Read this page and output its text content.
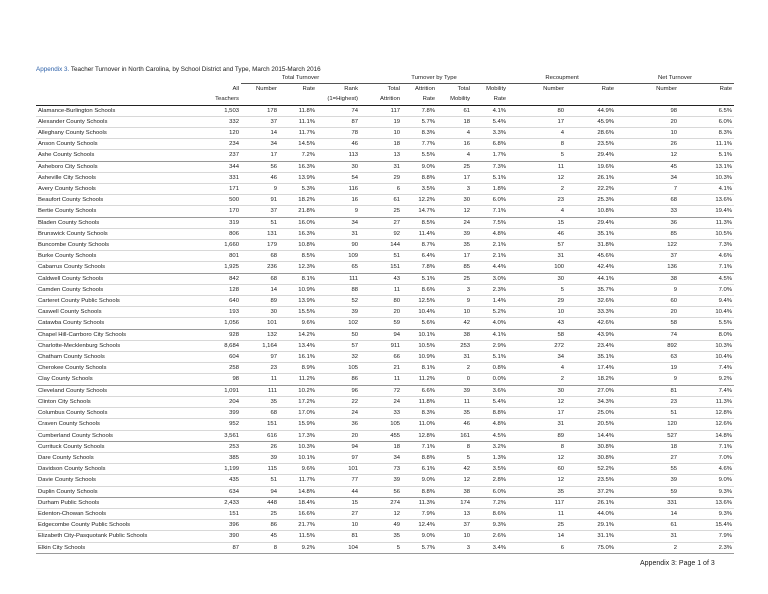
Appendix 3. Teacher Turnover in North Carolina, by School District and Type, March 2015-March 2016
		Total Turnover			Turnover by Type				Recoupment		Net Turnover	
	All	Number	Rate	Rank	Total	Attrition	Total	Mobility	Number	Rate	Number	Rate
	Teachers			(1=Highest)	Attrition	Rate	Mobility	Rate				
Alamance-Burlington Schools	1,503	178	11.8%	74	117	7.8%	61	4.1%	80	44.9%	98	6.5%
Alexander County Schools	332	37	11.1%	87	19	5.7%	18	5.4%	17	45.9%	20	6.0%
Alleghany County Schools	120	14	11.7%	78	10	8.3%	4	3.3%	4	28.6%	10	8.3%
Anson County Schools	234	34	14.5%	46	18	7.7%	16	6.8%	8	23.5%	26	11.1%
Ashe County Schools	237	17	7.2%	113	13	5.5%	4	1.7%	5	29.4%	12	5.1%
Asheboro City Schools	344	56	16.3%	30	31	9.0%	25	7.3%	11	19.6%	45	13.1%
Asheville City Schools	331	46	13.9%	54	29	8.8%	17	5.1%	12	26.1%	34	10.3%
Avery County Schools	171	9	5.3%	116	6	3.5%	3	1.8%	2	22.2%	7	4.1%
Beaufort County Schools	500	91	18.2%	16	61	12.2%	30	6.0%	23	25.3%	68	13.6%
Bertie County Schools	170	37	21.8%	9	25	14.7%	12	7.1%	4	10.8%	33	19.4%
Bladen County Schools	319	51	16.0%	34	27	8.5%	24	7.5%	15	29.4%	36	11.3%
Brunswick County Schools	806	131	16.3%	31	92	11.4%	39	4.8%	46	35.1%	85	10.5%
Buncombe County Schools	1,660	179	10.8%	90	144	8.7%	35	2.1%	57	31.8%	122	7.3%
Burke County Schools	801	68	8.5%	109	51	6.4%	17	2.1%	31	45.6%	37	4.6%
Cabarrus County Schools	1,925	236	12.3%	65	151	7.8%	85	4.4%	100	42.4%	136	7.1%
Caldwell County Schools	842	68	8.1%	111	43	5.1%	25	3.0%	30	44.1%	38	4.5%
Camden County Schools	128	14	10.9%	88	11	8.6%	3	2.3%	5	35.7%	9	7.0%
Carteret County Public Schools	640	89	13.9%	52	80	12.5%	9	1.4%	29	32.6%	60	9.4%
Caswell County Schools	193	30	15.5%	39	20	10.4%	10	5.2%	10	33.3%	20	10.4%
Catawba County Schools	1,056	101	9.6%	102	59	5.6%	42	4.0%	43	42.6%	58	5.5%
Chapel Hill-Carrboro City Schools	928	132	14.2%	50	94	10.1%	38	4.1%	58	43.9%	74	8.0%
Charlotte-Mecklenburg Schools	8,684	1,164	13.4%	57	911	10.5%	253	2.9%	272	23.4%	892	10.3%
Chatham County Schools	604	97	16.1%	32	66	10.9%	31	5.1%	34	35.1%	63	10.4%
Cherokee County Schools	258	23	8.9%	105	21	8.1%	2	0.8%	4	17.4%	19	7.4%
Clay County Schools	98	11	11.2%	86	11	11.2%	0	0.0%	2	18.2%	9	9.2%
Cleveland County Schools	1,091	111	10.2%	96	72	6.6%	39	3.6%	30	27.0%	81	7.4%
Clinton City Schools	204	35	17.2%	22	24	11.8%	11	5.4%	12	34.3%	23	11.3%
Columbus County Schools	399	68	17.0%	24	33	8.3%	35	8.8%	17	25.0%	51	12.8%
Craven County Schools	952	151	15.9%	36	105	11.0%	46	4.8%	31	20.5%	120	12.6%
Cumberland County Schools	3,561	616	17.3%	20	455	12.8%	161	4.5%	89	14.4%	527	14.8%
Currituck County Schools	253	26	10.3%	94	18	7.1%	8	3.2%	8	30.8%	18	7.1%
Dare County Schools	385	39	10.1%	97	34	8.8%	5	1.3%	12	30.8%	27	7.0%
Davidson County Schools	1,199	115	9.6%	101	73	6.1%	42	3.5%	60	52.2%	55	4.6%
Davie County Schools	435	51	11.7%	77	39	9.0%	12	2.8%	12	23.5%	39	9.0%
Duplin County Schools	634	94	14.8%	44	56	8.8%	38	6.0%	35	37.2%	59	9.3%
Durham Public Schools	2,433	448	18.4%	15	274	11.3%	174	7.2%	117	26.1%	331	13.6%
Edenton-Chowan Schools	151	25	16.6%	27	12	7.9%	13	8.6%	11	44.0%	14	9.3%
Edgecombe County Public Schools	396	86	21.7%	10	49	12.4%	37	9.3%	25	29.1%	61	15.4%
Elizabeth City-Pasquotank Public Schools	390	45	11.5%	81	35	9.0%	10	2.6%	14	31.1%	31	7.9%
Elkin City Schools	87	8	9.2%	104	5	5.7%	3	3.4%	6	75.0%	2	2.3%
Appendix 3: Page 1 of 3
